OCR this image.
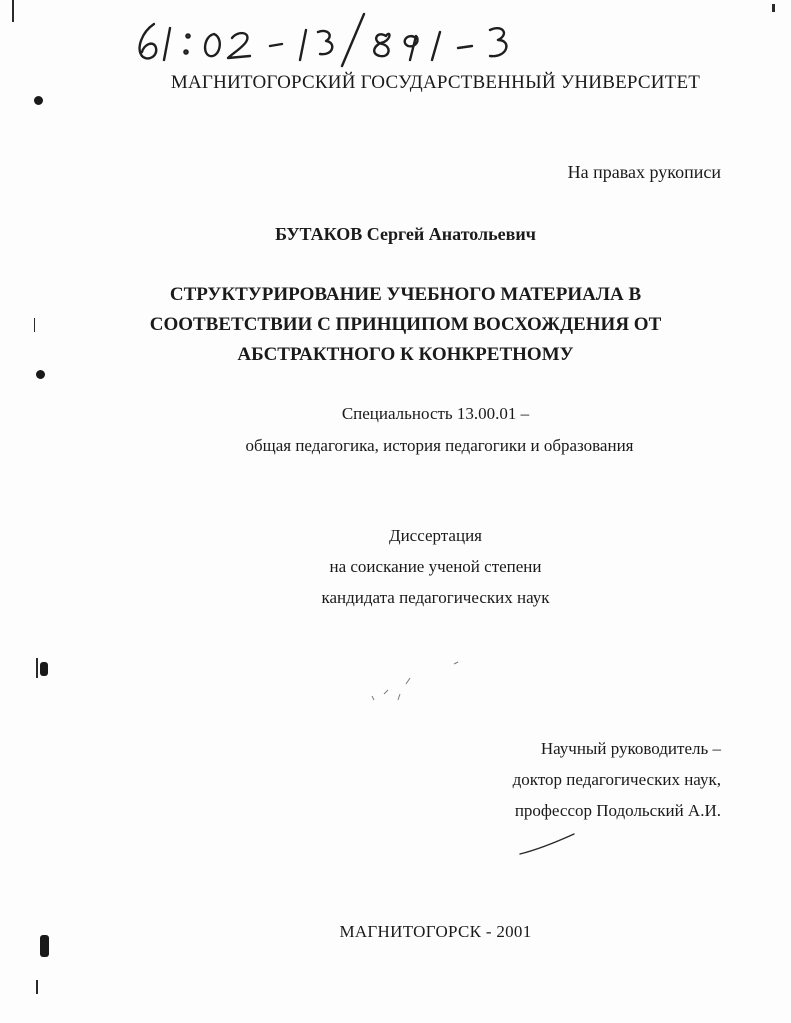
МАГНИТОГОРСКИЙ ГОСУДАРСТВЕННЫЙ УНИВЕРСИТЕТ
На правах рукописи
БУТАКОВ Сергей Анатольевич
СТРУКТУРИРОВАНИЕ УЧЕБНОГО МАТЕРИАЛА В
СООТВЕТСТВИИ С ПРИНЦИПОМ ВОСХОЖДЕНИЯ ОТ
АБСТРАКТНОГО К КОНКРЕТНОМУ
Специальность 13.00.01 –
общая педагогика, история педагогики и образования
Диссертация
на соискание ученой степени
кандидата педагогических наук
Научный руководитель –
доктор педагогических наук,
профессор Подольский А.И.
МАГНИТОГОРСК - 2001
